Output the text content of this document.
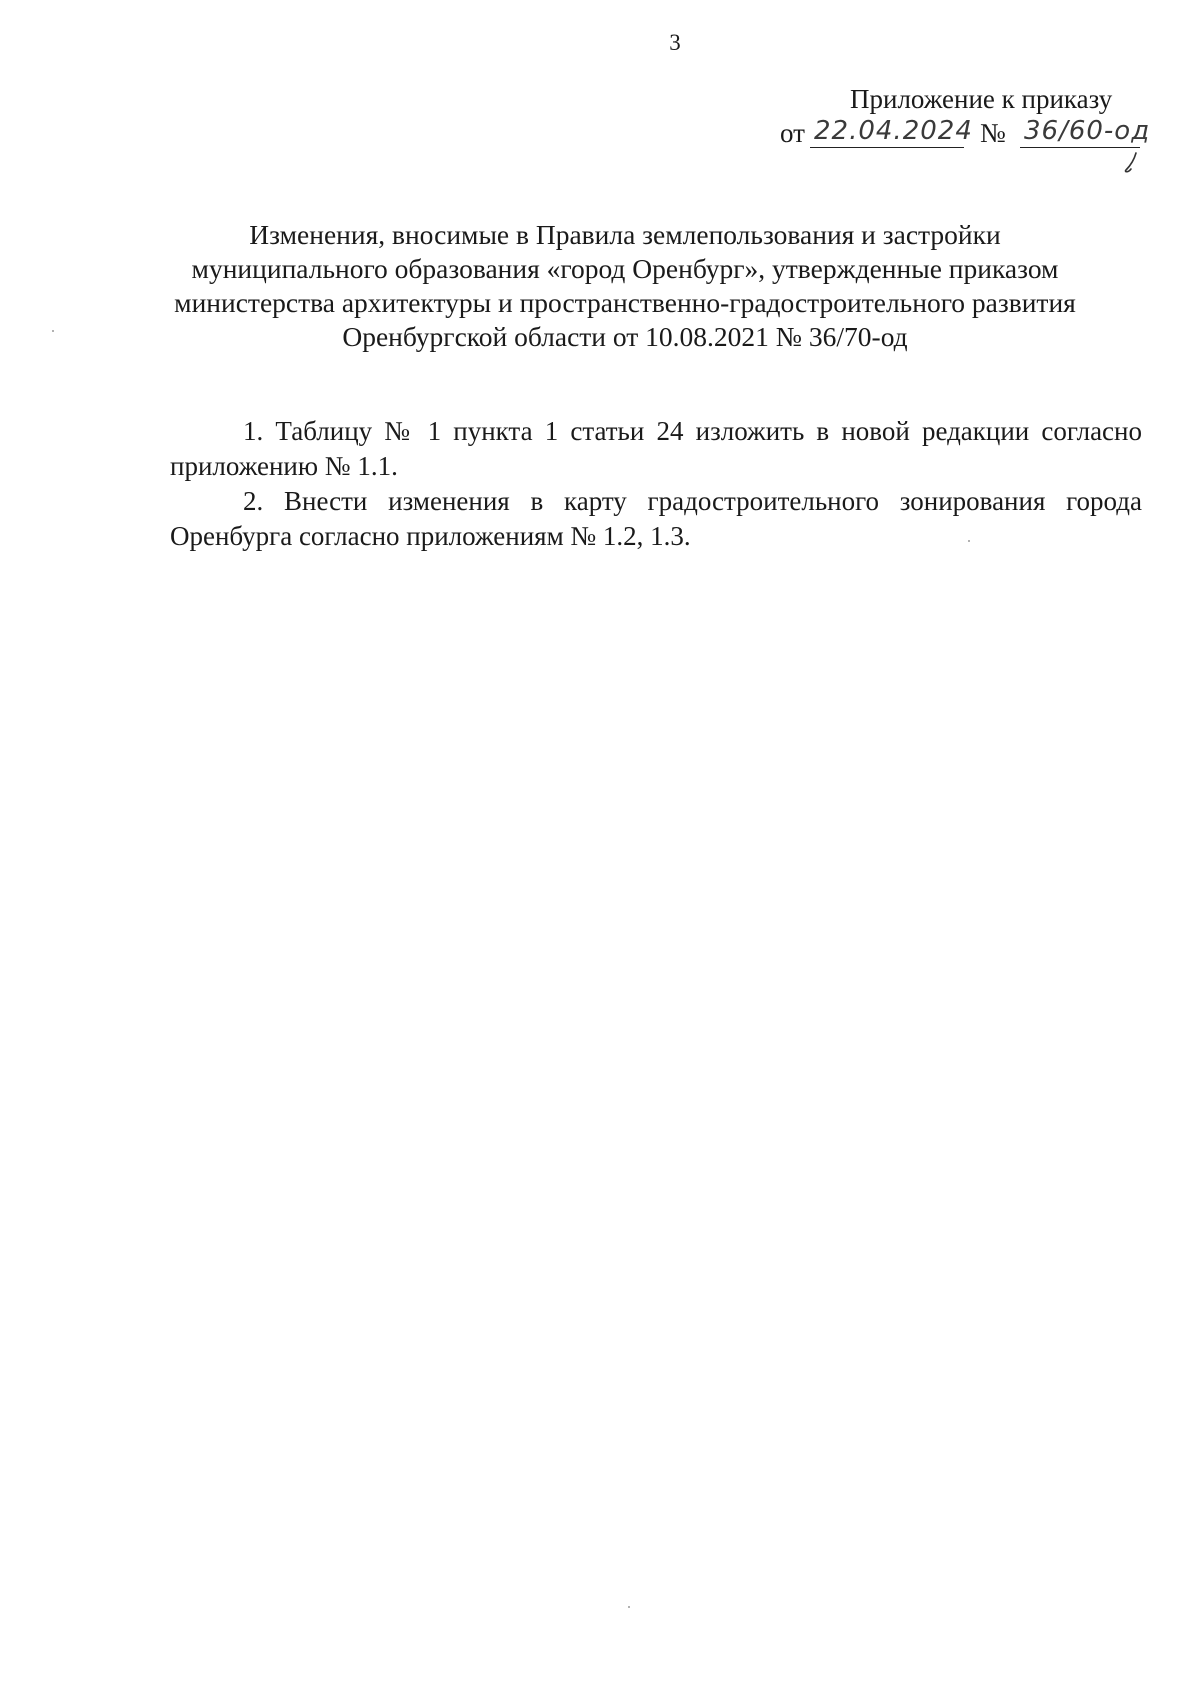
3
Приложение к приказу
от 22.04.2024 № 36/60-од
Изменения, вносимые в Правила землепользования и застройки
муниципального образования «город Оренбург», утвержденные приказом
министерства архитектуры и пространственно-градостроительного развития
Оренбургской области от 10.08.2021 № 36/70-од

1. Таблицу № 1 пункта 1 статьи 24 изложить в новой редакции согласно приложению № 1.1.

2. Внести изменения в карту градостроительного зонирования города Оренбурга согласно приложениям № 1.2, 1.3.
